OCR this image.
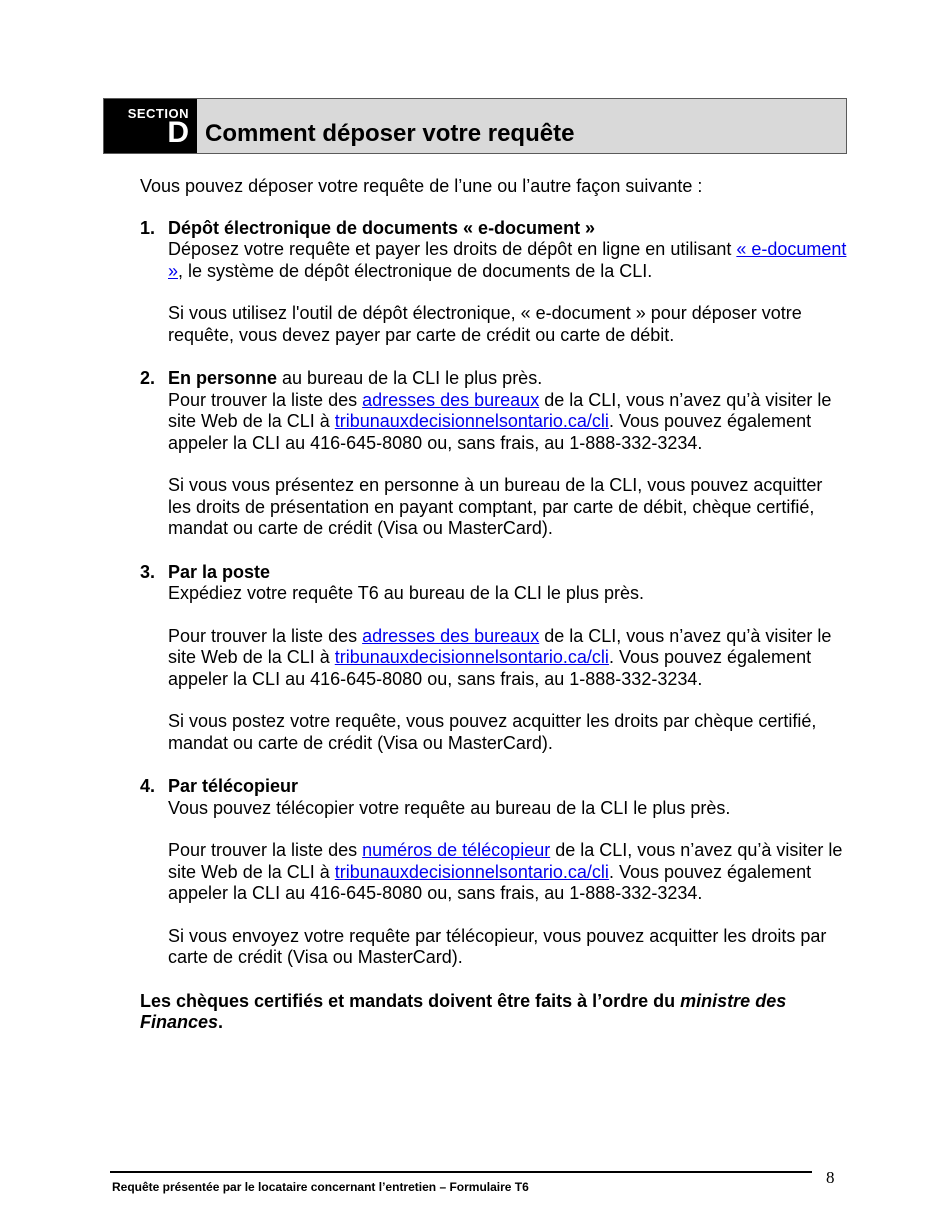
SECTION
D Comment déposer votre requête

Vous pouvez déposer votre requête de l’une ou l’autre façon suivante :

1. Dépôt électronique de documents « e-document »

Déposez votre requête et payer les droits de dépôt en ligne en utilisant « e-document », le système de dépôt électronique de documents de la CLI.

Si vous utilisez l'outil de dépôt électronique, « e-document » pour déposer votre requête, vous devez payer par carte de crédit ou carte de débit.

2. En personne au bureau de la CLI le plus près.

Pour trouver la liste des adresses des bureaux de la CLI, vous n’avez qu’à visiter le site Web de la CLI à tribunauxdecisionnelsontario.ca/cli. Vous pouvez également appeler la CLI au 416-645-8080 ou, sans frais, au 1-888-332-3234.

Si vous vous présentez en personne à un bureau de la CLI, vous pouvez acquitter les droits de présentation en payant comptant, par carte de débit, chèque certifié, mandat ou carte de crédit (Visa ou MasterCard).

3. Par la poste

Expédiez votre requête T6 au bureau de la CLI le plus près.

Pour trouver la liste des adresses des bureaux de la CLI, vous n’avez qu’à visiter le site Web de la CLI à tribunauxdecisionnelsontario.ca/cli. Vous pouvez également appeler la CLI au 416-645-8080 ou, sans frais, au 1-888-332-3234.

Si vous postez votre requête, vous pouvez acquitter les droits par chèque certifié, mandat ou carte de crédit (Visa ou MasterCard).

4. Par télécopieur

Vous pouvez télécopier votre requête au bureau de la CLI le plus près.

Pour trouver la liste des numéros de télécopieur de la CLI, vous n’avez qu’à visiter le site Web de la CLI à tribunauxdecisionnelsontario.ca/cli. Vous pouvez également appeler la CLI au 416-645-8080 ou, sans frais, au 1-888-332-3234.

Si vous envoyez votre requête par télécopieur, vous pouvez acquitter les droits par carte de crédit (Visa ou MasterCard).

Les chèques certifiés et mandats doivent être faits à l’ordre du ministre des Finances.

Requête présentée par le locataire concernant l’entretien – Formulaire T6	8
